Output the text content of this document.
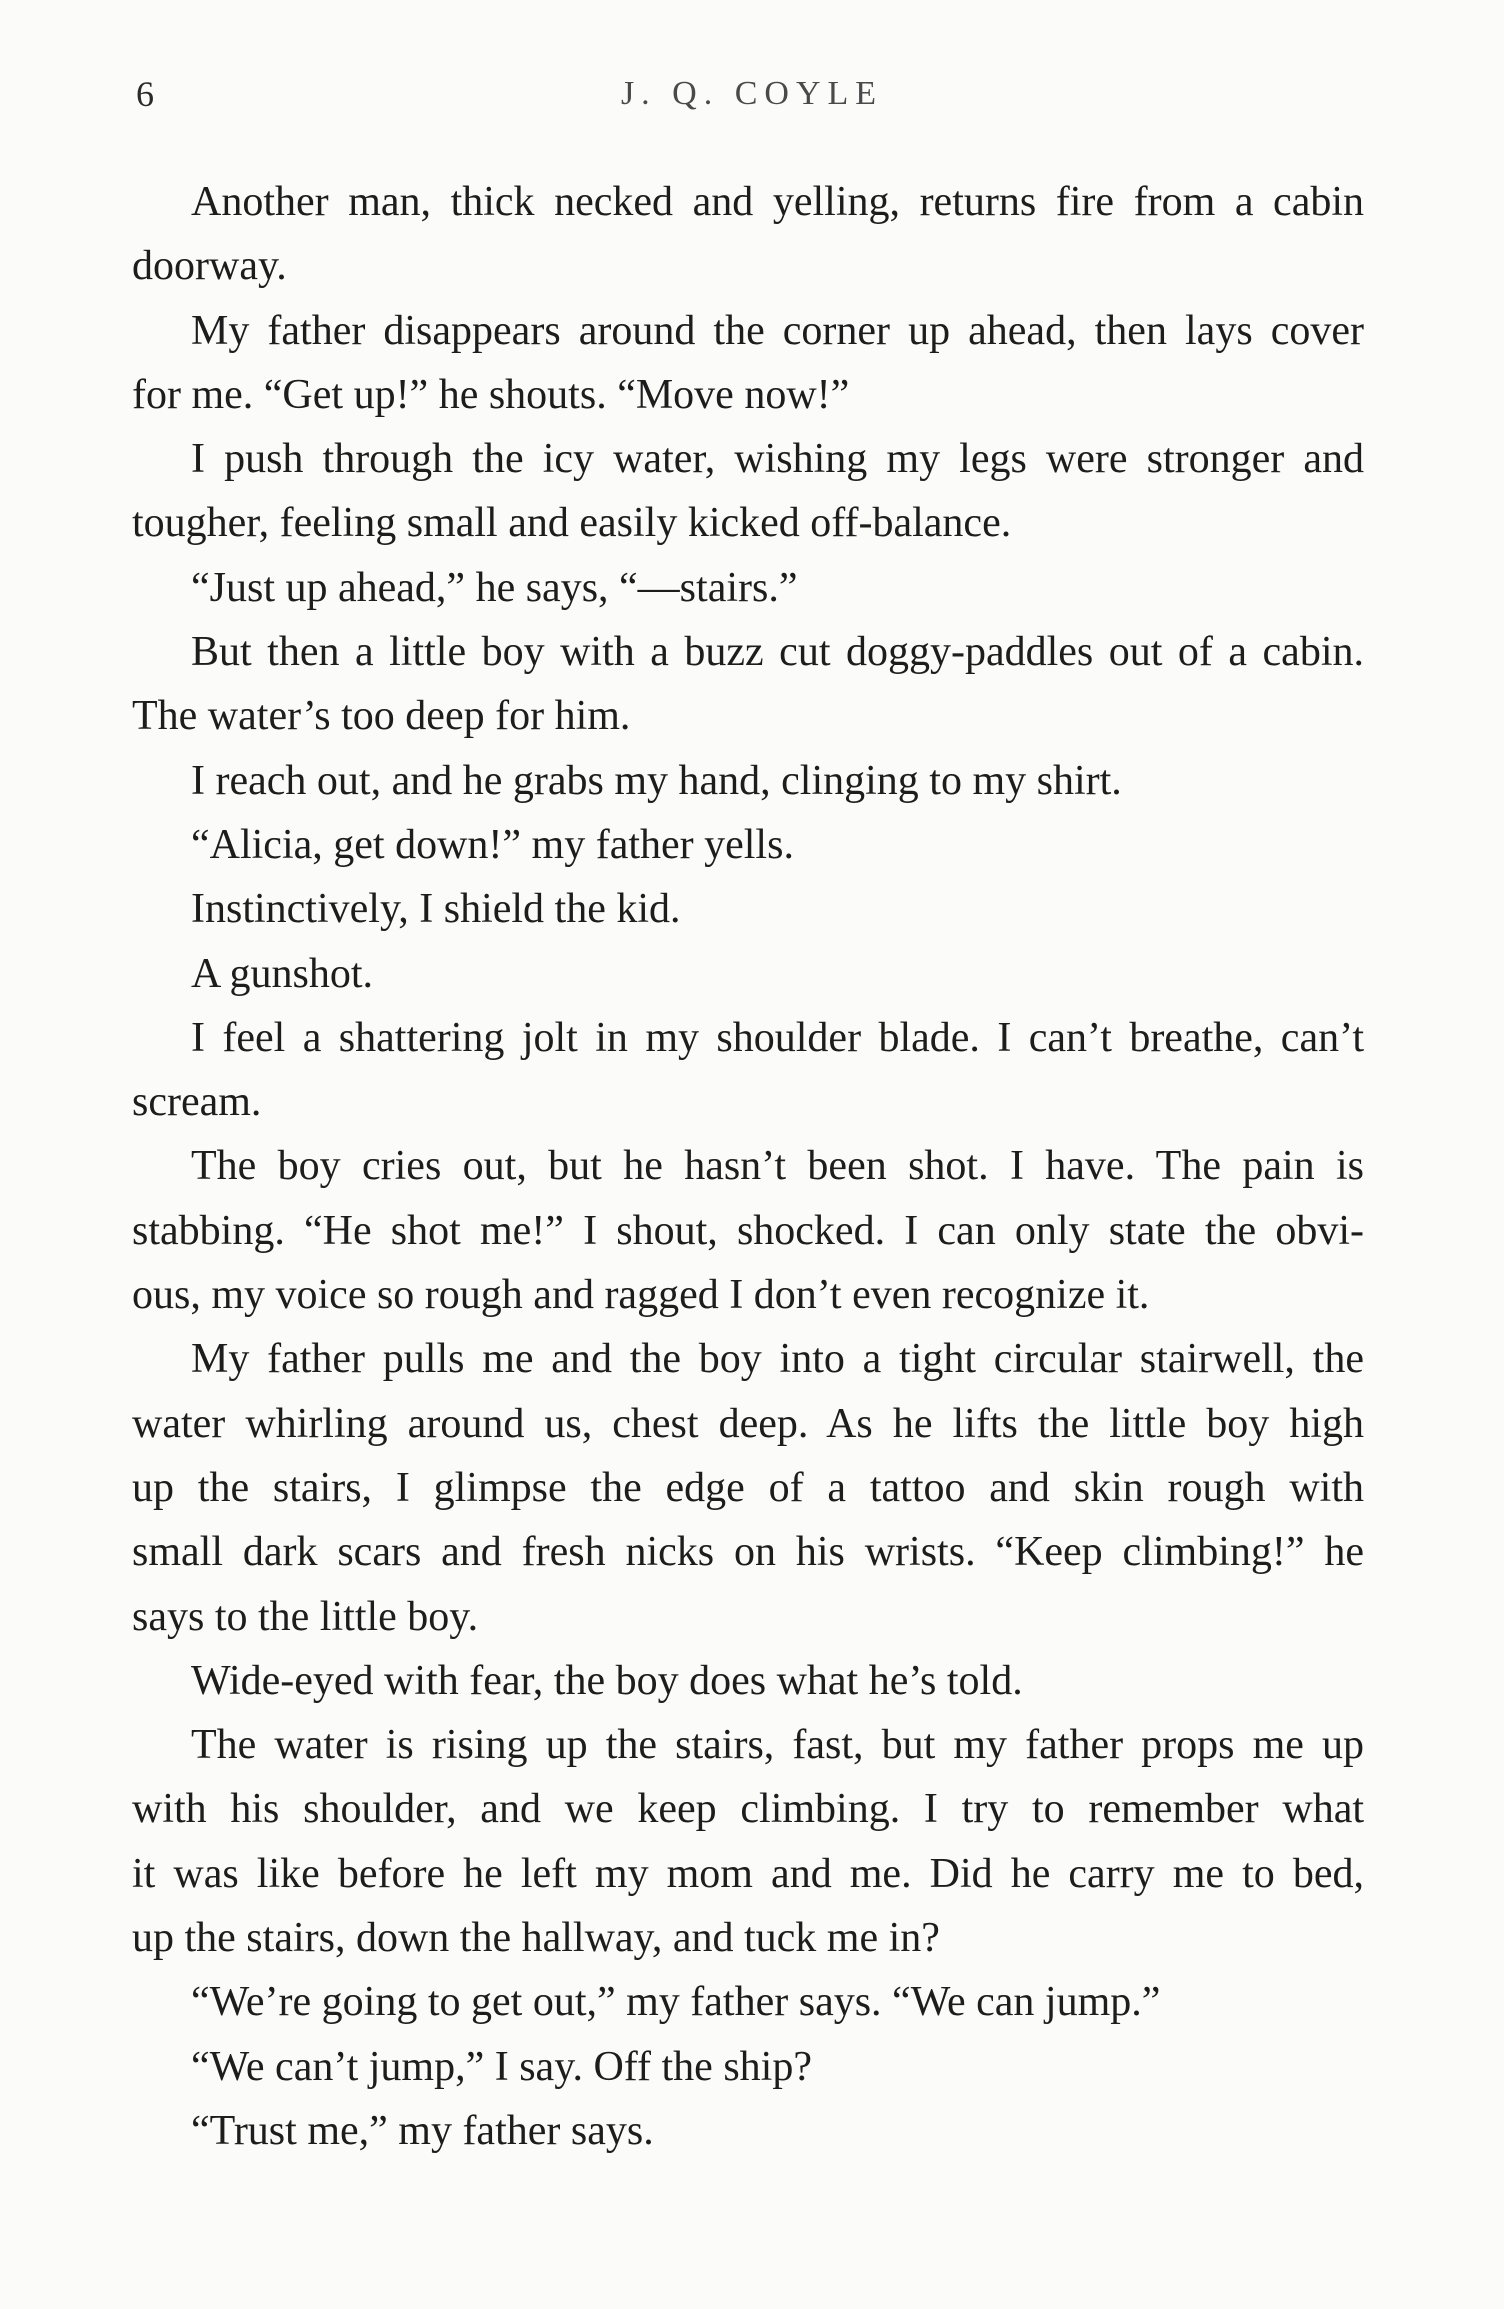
6	J. Q. COYLE
Another man, thick necked and yelling, returns fire from a cabin
doorway.
My father disappears around the corner up ahead, then lays cover
for me. “Get up!” he shouts. “Move now!”
I push through the icy water, wishing my legs were stronger and
tougher, feeling small and easily kicked off-balance.
“Just up ahead,” he says, “—stairs.”
But then a little boy with a buzz cut doggy-paddles out of a cabin.
The water’s too deep for him.
I reach out, and he grabs my hand, clinging to my shirt.
“Alicia, get down!” my father yells.
Instinctively, I shield the kid.
A gunshot.
I feel a shattering jolt in my shoulder blade. I can’t breathe, can’t
scream.
The boy cries out, but he hasn’t been shot. I have. The pain is
stabbing. “He shot me!” I shout, shocked. I can only state the obvi-
ous, my voice so rough and ragged I don’t even recognize it.
My father pulls me and the boy into a tight circular stairwell, the
water whirling around us, chest deep. As he lifts the little boy high
up the stairs, I glimpse the edge of a tattoo and skin rough with
small dark scars and fresh nicks on his wrists. “Keep climbing!” he
says to the little boy.
Wide-eyed with fear, the boy does what he’s told.
The water is rising up the stairs, fast, but my father props me up
with his shoulder, and we keep climbing. I try to remember what
it was like before he left my mom and me. Did he carry me to bed,
up the stairs, down the hallway, and tuck me in?
“We’re going to get out,” my father says. “We can jump.”
“We can’t jump,” I say. Off the ship?
“Trust me,” my father says.
